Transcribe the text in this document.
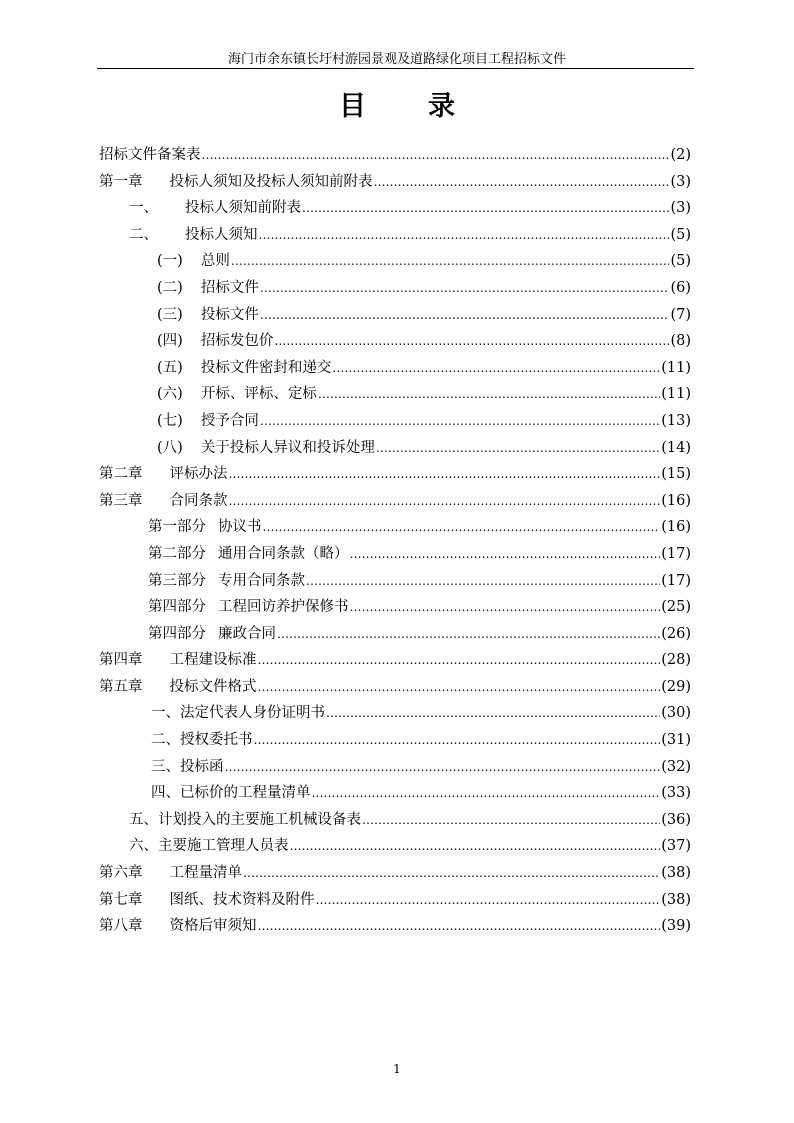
海门市余东镇长圩村游园景观及道路绿化项目工程招标文件
目录
招标文件备案表 …………………………………………………………………………………………………………………………………………………………………………………………	(2)
第一章 投标人须知及投标人须知前附表 …………………………………………………………………………………………………………………………………………………………………………………………	(3)
一、 投标人须知前附表 …………………………………………………………………………………………………………………………………………………………………………………………	(3)
二、 投标人须知 …………………………………………………………………………………………………………………………………………………………………………………………	(5)
(一) 总则 …………………………………………………………………………………………………………………………………………………………………………………………	(5)
(二) 招标文件 …………………………………………………………………………………………………………………………………………………………………………………………	(6)
(三) 投标文件 …………………………………………………………………………………………………………………………………………………………………………………………	(7)
(四) 招标发包价 …………………………………………………………………………………………………………………………………………………………………………………………	(8)
(五) 投标文件密封和递交 …………………………………………………………………………………………………………………………………………………………………………………………	(11)
(六) 开标、评标、定标 …………………………………………………………………………………………………………………………………………………………………………………………	(11)
(七) 授予合同 …………………………………………………………………………………………………………………………………………………………………………………………	(13)
(八) 关于投标人异议和投诉处理 …………………………………………………………………………………………………………………………………………………………………………………………	(14)
第二章 评标办法 …………………………………………………………………………………………………………………………………………………………………………………………	(15)
第三章 合同条款 …………………………………………………………………………………………………………………………………………………………………………………………	(16)
第一部分 协议书 …………………………………………………………………………………………………………………………………………………………………………………………	(16)
第二部分 通用合同条款（略） …………………………………………………………………………………………………………………………………………………………………………………………	(17)
第三部分 专用合同条款 …………………………………………………………………………………………………………………………………………………………………………………………	(17)
第四部分 工程回访养护保修书 …………………………………………………………………………………………………………………………………………………………………………………………	(25)
第四部分 廉政合同 …………………………………………………………………………………………………………………………………………………………………………………………	(26)
第四章 工程建设标准 …………………………………………………………………………………………………………………………………………………………………………………………	(28)
第五章 投标文件格式 …………………………………………………………………………………………………………………………………………………………………………………………	(29)
一、法定代表人身份证明书 …………………………………………………………………………………………………………………………………………………………………………………………	(30)
二、授权委托书 …………………………………………………………………………………………………………………………………………………………………………………………	(31)
三、投标函 …………………………………………………………………………………………………………………………………………………………………………………………	(32)
四、已标价的工程量清单 …………………………………………………………………………………………………………………………………………………………………………………………	(33)
五、计划投入的主要施工机械设备表 …………………………………………………………………………………………………………………………………………………………………………………………	(36)
六、主要施工管理人员表 …………………………………………………………………………………………………………………………………………………………………………………………	(37)
第六章 工程量清单 …………………………………………………………………………………………………………………………………………………………………………………………	(38)
第七章 图纸、技术资料及附件 …………………………………………………………………………………………………………………………………………………………………………………………	(38)
第八章 资格后审须知 …………………………………………………………………………………………………………………………………………………………………………………………	(39)
1
